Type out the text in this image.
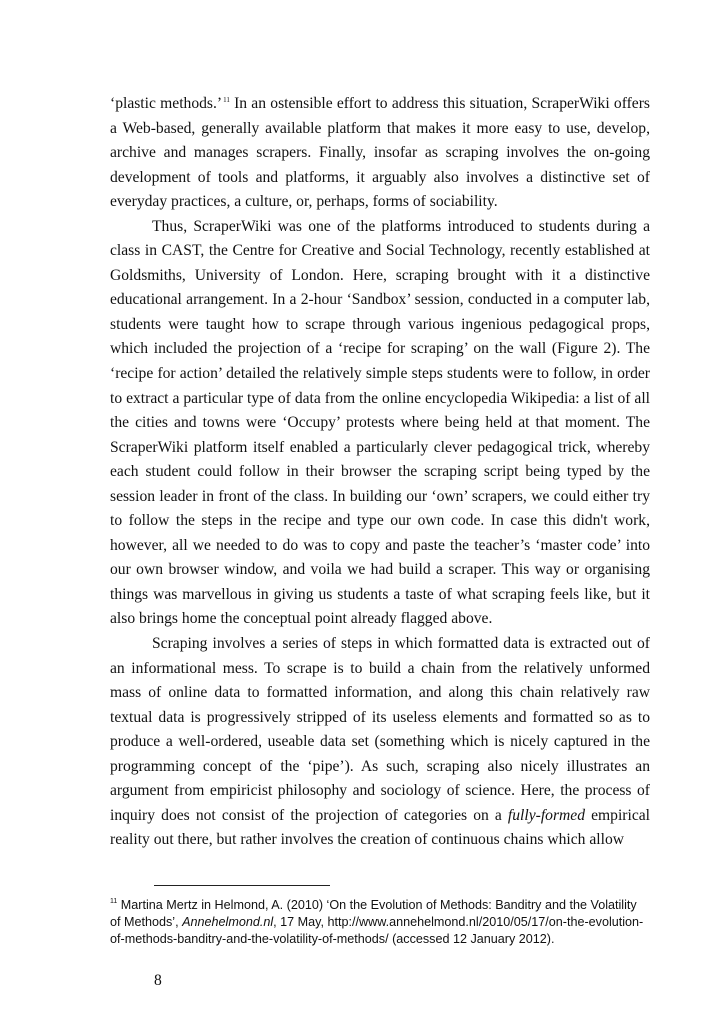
‘plastic methods.’$^{11}$ In an ostensible effort to address this situation, ScraperWiki offers a Web-based, generally available platform that makes it more easy to use, develop, archive and manages scrapers. Finally, insofar as scraping involves the on-going development of tools and platforms, it arguably also involves a distinctive set of everyday practices, a culture, or, perhaps, forms of sociability.

Thus, ScraperWiki was one of the platforms introduced to students during a class in CAST, the Centre for Creative and Social Technology, recently established at Goldsmiths, University of London. Here, scraping brought with it a distinctive educational arrangement. In a 2-hour ‘Sandbox’ session, conducted in a computer lab, students were taught how to scrape through various ingenious pedagogical props, which included the projection of a ‘recipe for scraping’ on the wall (Figure 2). The ‘recipe for action’ detailed the relatively simple steps students were to follow, in order to extract a particular type of data from the online encyclopedia Wikipedia: a list of all the cities and towns were ‘Occupy’ protests where being held at that moment. The ScraperWiki platform itself enabled a particularly clever pedagogical trick, whereby each student could follow in their browser the scraping script being typed by the session leader in front of the class. In building our ‘own’ scrapers, we could either try to follow the steps in the recipe and type our own code. In case this didn't work, however, all we needed to do was to copy and paste the teacher’s ‘master code’ into our own browser window, and voila we had build a scraper. This way or organising things was marvellous in giving us students a taste of what scraping feels like, but it also brings home the conceptual point already flagged above.

Scraping involves a series of steps in which formatted data is extracted out of an informational mess. To scrape is to build a chain from the relatively unformed mass of online data to formatted information, and along this chain relatively raw textual data is progressively stripped of its useless elements and formatted so as to produce a well-ordered, useable data set (something which is nicely captured in the programming concept of the ‘pipe’). As such, scraping also nicely illustrates an argument from empiricist philosophy and sociology of science. Here, the process of inquiry does not consist of the projection of categories on a fully-formed empirical reality out there, but rather involves the creation of continuous chains which allow

$^{11}$ Martina Mertz in Helmond, A. (2010) ‘On the Evolution of Methods: Banditry and the Volatility of Methods’, Annehelmond.nl, 17 May, http://www.annehelmond.nl/2010/05/17/on-the-evolution-of-methods-banditry-and-the-volatility-of-methods/ (accessed 12 January 2012).

8
